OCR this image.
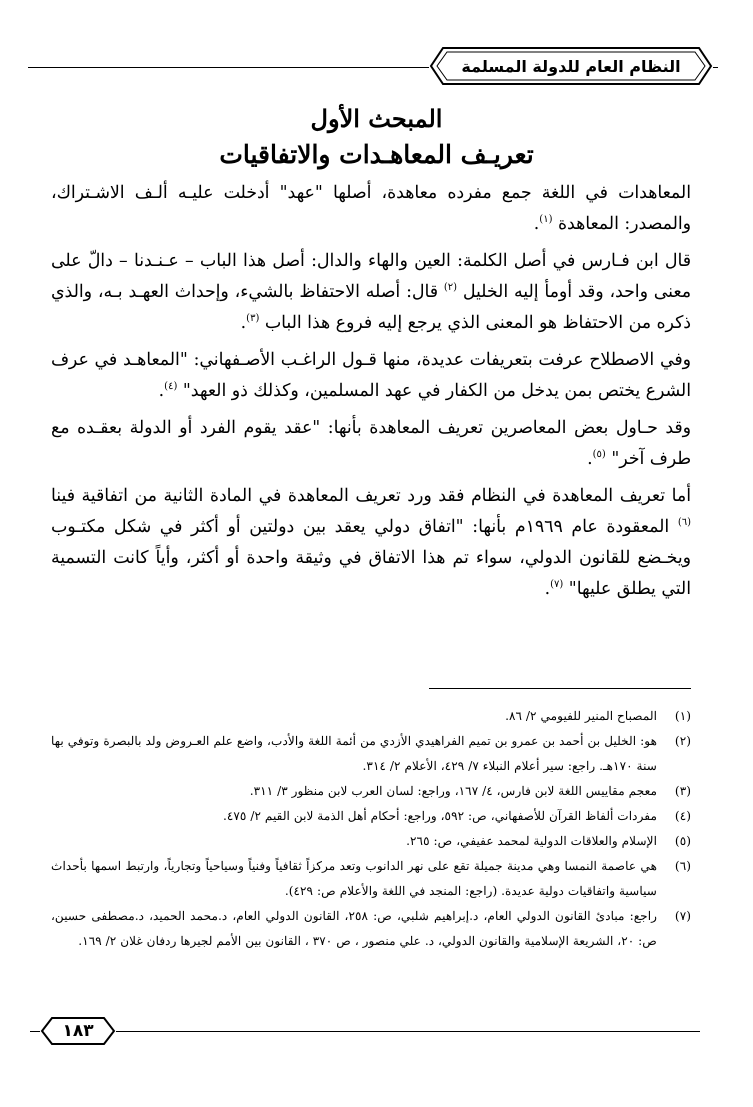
النظام العام للدولة المسلمة
المبحث الأول
تعريـف المعاهـدات والاتفاقيات

المعاهدات في اللغة جمع مفرده معاهدة، أصلها "عهد" أدخلت عليـه ألـف الاشـتراك، والمصدر: المعاهدة $^{(١)}$.

قال ابن فـارس في أصل الكلمة: العين والهاء والدال: أصل هذا الباب – عـنـدنا – دالّ على معنى واحد، وقد أومأ إليه الخليل $^{(٢)}$ قال: أصله الاحتفاظ بالشيء، وإحداث العهـد بـه، والذي ذكره من الاحتفاظ هو المعنى الذي يرجع إليه فروع هذا الباب $^{(٣)}$.

وفي الاصطلاح عرفت بتعريفات عديدة، منها قـول الراغـب الأصـفهاني: "المعاهـد في عرف الشرع يختص بمن يدخل من الكفار في عهد المسلمين، وكذلك ذو العهد" $^{(٤)}$.

وقد حـاول بعض المعاصرين تعريف المعاهدة بأنها: "عقد يقوم الفرد أو الدولة بعقـده مع طرف آخر" $^{(٥)}$.

أما تعريف المعاهدة في النظام فقد ورد تعريف المعاهدة في المادة الثانية من اتفاقية فينا $^{(٦)}$ المعقودة عام ١٩٦٩م بأنها: "اتفاق دولي يعقد بين دولتين أو أكثر في شكل مكتـوب ويخـضع للقانون الدولي، سواء تم هذا الاتفاق في وثيقة واحدة أو أكثر، وأياً كانت التسمية التي يطلق عليها" $^{(٧)}$.

(١)
المصباح المنير للفيومي ٢/ ٨٦.
(٢)
هو: الخليل بن أحمد بن عمرو بن تميم الفراهيدي الأزدي من أئمة اللغة والأدب، واضع علم العـروض ولد بالبصرة وتوفي بها سنة ١٧٠هـ. راجع: سير أعلام النبلاء ٧/ ٤٢٩، الأعلام ٢/ ٣١٤.
(٣)
معجم مقاييس اللغة لابن فارس، ٤/ ١٦٧، وراجع: لسان العرب لابن منظور ٣/ ٣١١.
(٤)
مفردات ألفاظ القرآن للأصفهاني، ص: ٥٩٢، وراجع: أحكام أهل الذمة لابن القيم ٢/ ٤٧٥.
(٥)
الإسلام والعلاقات الدولية لمحمد عفيفي، ص: ٢٦٥.
(٦)
هي عاصمة النمسا وهي مدينة جميلة تقع على نهر الدانوب وتعد مركزاً ثقافياً وفنياً وسياحياً وتجارياً، وارتبط اسمها بأحداث سياسية واتفاقيات دولية عديدة. (راجع: المنجد في اللغة والأعلام ص: ٤٢٩).
(٧)
راجع: مبادئ القانون الدولي العام، د.إبراهيم شلبي، ص: ٢٥٨، القانون الدولي العام، د.محمد الحميد، د.مصطفى حسين، ص: ٢٠، الشريعة الإسلامية والقانون الدولي، د. علي منصور ، ص ٣٧٠ ، القانون بين الأمم لجيرها ردفان غلان ٢/ ١٦٩.
١٨٣
